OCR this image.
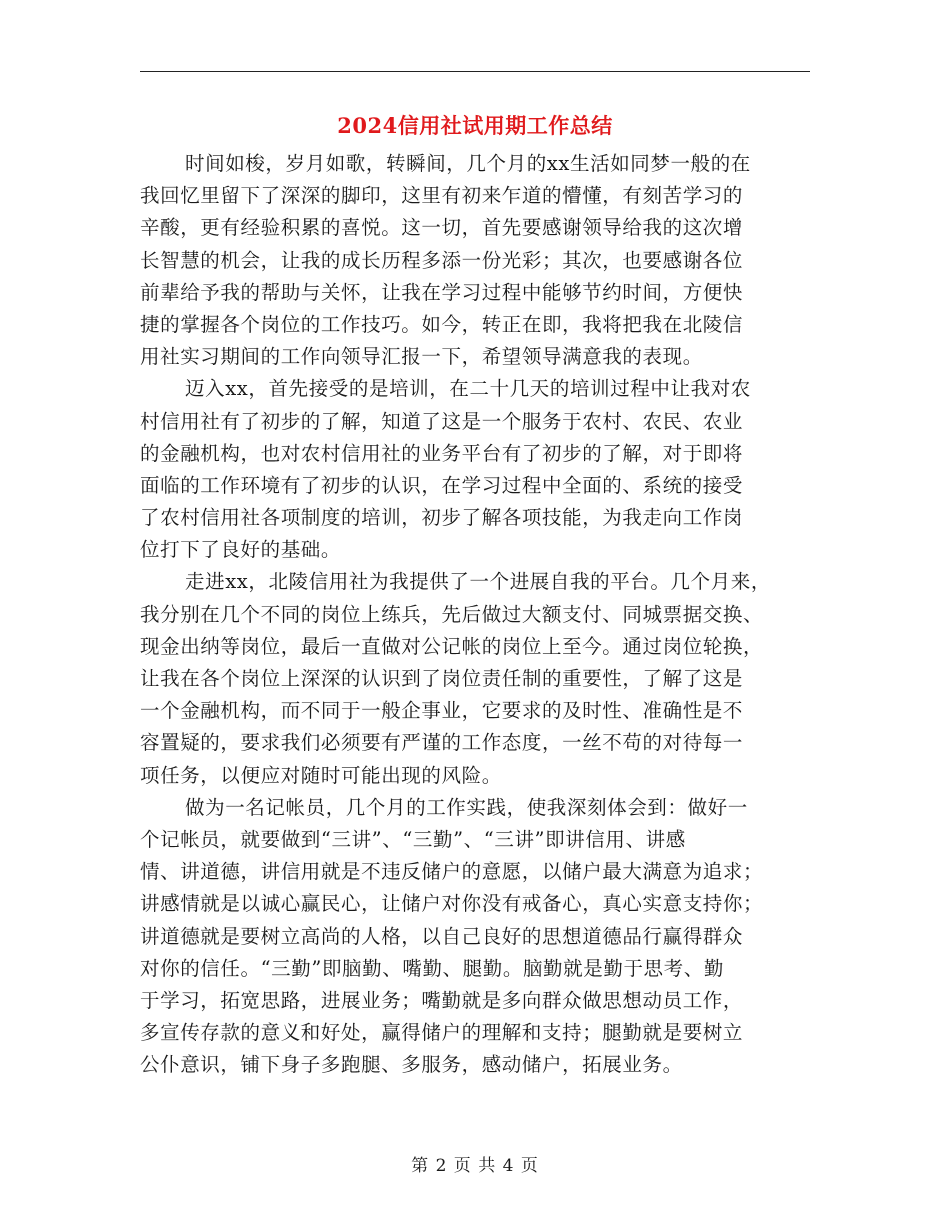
2024信用社试用期工作总结
时间如梭，岁月如歌，转瞬间，几个月的xx生活如同梦一般的在
我回忆里留下了深深的脚印，这里有初来乍道的懵懂，有刻苦学习的
辛酸，更有经验积累的喜悦。这一切，首先要感谢领导给我的这次增
长智慧的机会，让我的成长历程多添一份光彩；其次，也要感谢各位
前辈给予我的帮助与关怀，让我在学习过程中能够节约时间，方便快
捷的掌握各个岗位的工作技巧。如今，转正在即，我将把我在北陵信
用社实习期间的工作向领导汇报一下，希望领导满意我的表现。
迈入xx，首先接受的是培训，在二十几天的培训过程中让我对农
村信用社有了初步的了解，知道了这是一个服务于农村、农民、农业
的金融机构，也对农村信用社的业务平台有了初步的了解，对于即将
面临的工作环境有了初步的认识，在学习过程中全面的、系统的接受
了农村信用社各项制度的培训，初步了解各项技能，为我走向工作岗
位打下了良好的基础。
走进xx，北陵信用社为我提供了一个进展自我的平台。几个月来，
我分别在几个不同的岗位上练兵，先后做过大额支付、同城票据交换、
现金出纳等岗位，最后一直做对公记帐的岗位上至今。通过岗位轮换，
让我在各个岗位上深深的认识到了岗位责任制的重要性，了解了这是
一个金融机构，而不同于一般企事业，它要求的及时性、准确性是不
容置疑的，要求我们必须要有严谨的工作态度，一丝不苟的对待每一
项任务，以便应对随时可能出现的风险。
做为一名记帐员，几个月的工作实践，使我深刻体会到：做好一
个记帐员，就要做到“三讲”、“三勤”、“三讲”即讲信用、讲感
情、讲道德，讲信用就是不违反储户的意愿，以储户最大满意为追求；
讲感情就是以诚心赢民心，让储户对你没有戒备心，真心实意支持你；
讲道德就是要树立高尚的人格，以自己良好的思想道德品行赢得群众
对你的信任。“三勤”即脑勤、嘴勤、腿勤。脑勤就是勤于思考、勤
于学习，拓宽思路，进展业务；嘴勤就是多向群众做思想动员工作，
多宣传存款的意义和好处，赢得储户的理解和支持；腿勤就是要树立
公仆意识，铺下身子多跑腿、多服务，感动储户，拓展业务。
第 2 页 共 4 页
